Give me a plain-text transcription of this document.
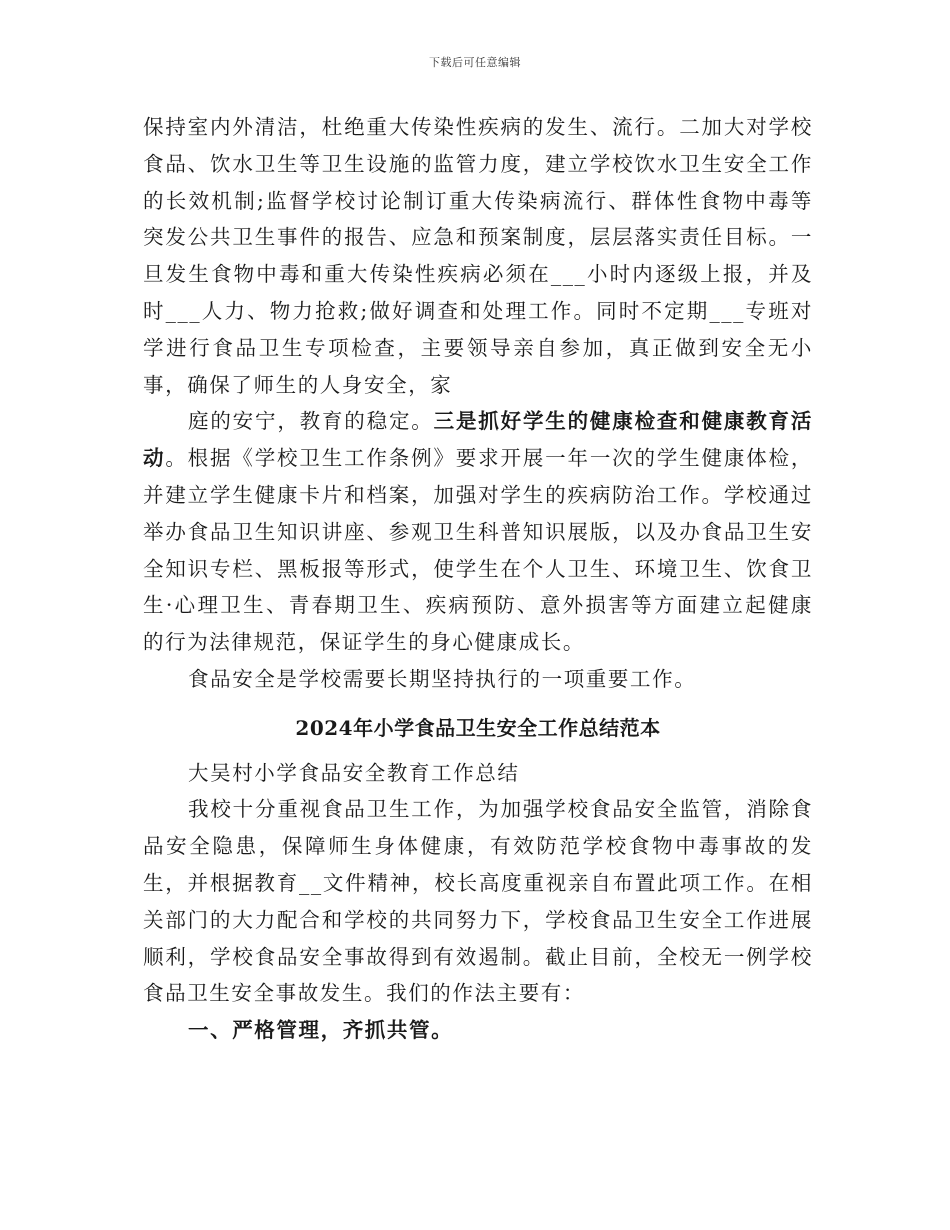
下载后可任意编辑

保持室内外清洁，杜绝重大传染性疾病的发生、流行。二加大对学校食品、饮水卫生等卫生设施的监管力度，建立学校饮水卫生安全工作的长效机制;监督学校讨论制订重大传染病流行、群体性食物中毒等突发公共卫生事件的报告、应急和预案制度，层层落实责任目标。一旦发生食物中毒和重大传染性疾病必须在___小时内逐级上报，并及时___人力、物力抢救;做好调查和处理工作。同时不定期___专班对学进行食品卫生专项检查，主要领导亲自参加，真正做到安全无小事，确保了师生的人身安全，家

庭的安宁，教育的稳定。三是抓好学生的健康检查和健康教育活动。根据《学校卫生工作条例》要求开展一年一次的学生健康体检，并建立学生健康卡片和档案，加强对学生的疾病防治工作。学校通过举办食品卫生知识讲座、参观卫生科普知识展版，以及办食品卫生安全知识专栏、黑板报等形式，使学生在个人卫生、环境卫生、饮食卫生·心理卫生、青春期卫生、疾病预防、意外损害等方面建立起健康的行为法律规范，保证学生的身心健康成长。

食品安全是学校需要长期坚持执行的一项重要工作。

2024年小学食品卫生安全工作总结范本

大吴村小学食品安全教育工作总结

我校十分重视食品卫生工作，为加强学校食品安全监管，消除食品安全隐患，保障师生身体健康，有效防范学校食物中毒事故的发生，并根据教育__文件精神，校长高度重视亲自布置此项工作。在相关部门的大力配合和学校的共同努力下，学校食品卫生安全工作进展顺利，学校食品安全事故得到有效遏制。截止目前，全校无一例学校食品卫生安全事故发生。我们的作法主要有：

一、严格管理，齐抓共管。
